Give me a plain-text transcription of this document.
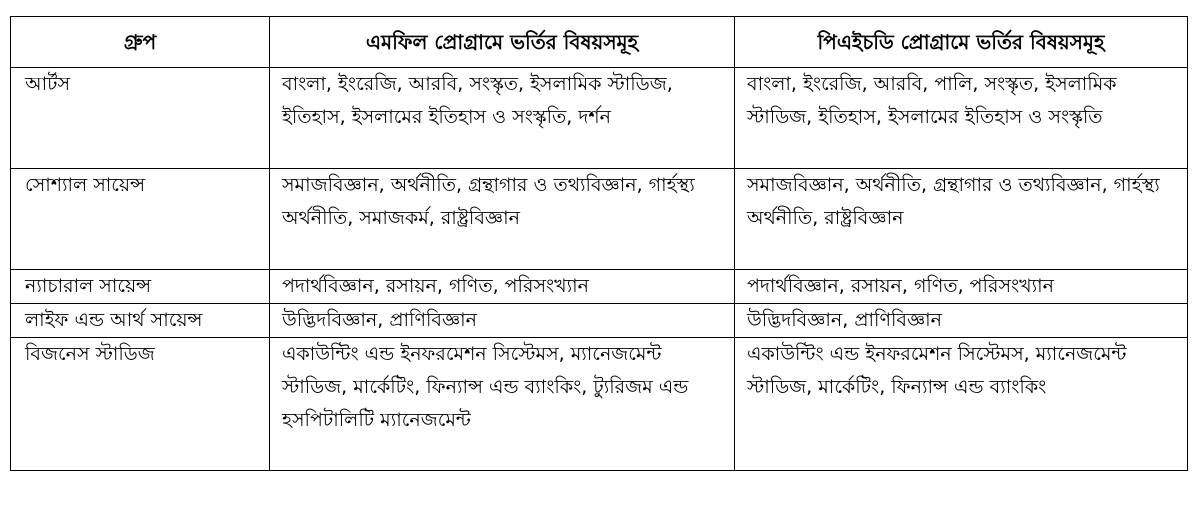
গ্রুপ	এমফিল প্রোগ্রামে ভর্তির বিষয়সমূহ	পিএইচডি প্রোগ্রামে ভর্তির বিষয়সমূহ
আর্টস	বাংলা, ইংরেজি, আরবি, সংস্কৃত, ইসলামিক স্টাডিজ, ইতিহাস, ইসলামের ইতিহাস ও সংস্কৃতি, দর্শন	বাংলা, ইংরেজি, আরবি, পালি, সংস্কৃত, ইসলামিক স্টাডিজ, ইতিহাস, ইসলামের ইতিহাস ও সংস্কৃতি
সোশ্যাল সায়েন্স	সমাজবিজ্ঞান, অর্থনীতি, গ্রন্থাগার ও তথ্যবিজ্ঞান, গার্হস্থ্য অর্থনীতি, সমাজকর্ম, রাষ্ট্রবিজ্ঞান	সমাজবিজ্ঞান, অর্থনীতি, গ্রন্থাগার ও তথ্যবিজ্ঞান, গার্হস্থ্য অর্থনীতি, রাষ্ট্রবিজ্ঞান
ন্যাচারাল সায়েন্স	পদার্থবিজ্ঞান, রসায়ন, গণিত, পরিসংখ্যান	পদার্থবিজ্ঞান, রসায়ন, গণিত, পরিসংখ্যান
লাইফ এন্ড আর্থ সায়েন্স	উদ্ভিদবিজ্ঞান, প্রাণিবিজ্ঞান	উদ্ভিদবিজ্ঞান, প্রাণিবিজ্ঞান
বিজনেস স্টাডিজ	একাউন্টিং এন্ড ইনফরমেশন সিস্টেমস, ম্যানেজমেন্ট স্টাডিজ, মার্কেটিং, ফিন্যান্স এন্ড ব্যাংকিং, ট্যুরিজম এন্ড হসপিটালিটি ম্যানেজমেন্ট	একাউন্টিং এন্ড ইনফরমেশন সিস্টেমস, ম্যানেজমেন্ট স্টাডিজ, মার্কেটিং, ফিন্যান্স এন্ড ব্যাংকিং
